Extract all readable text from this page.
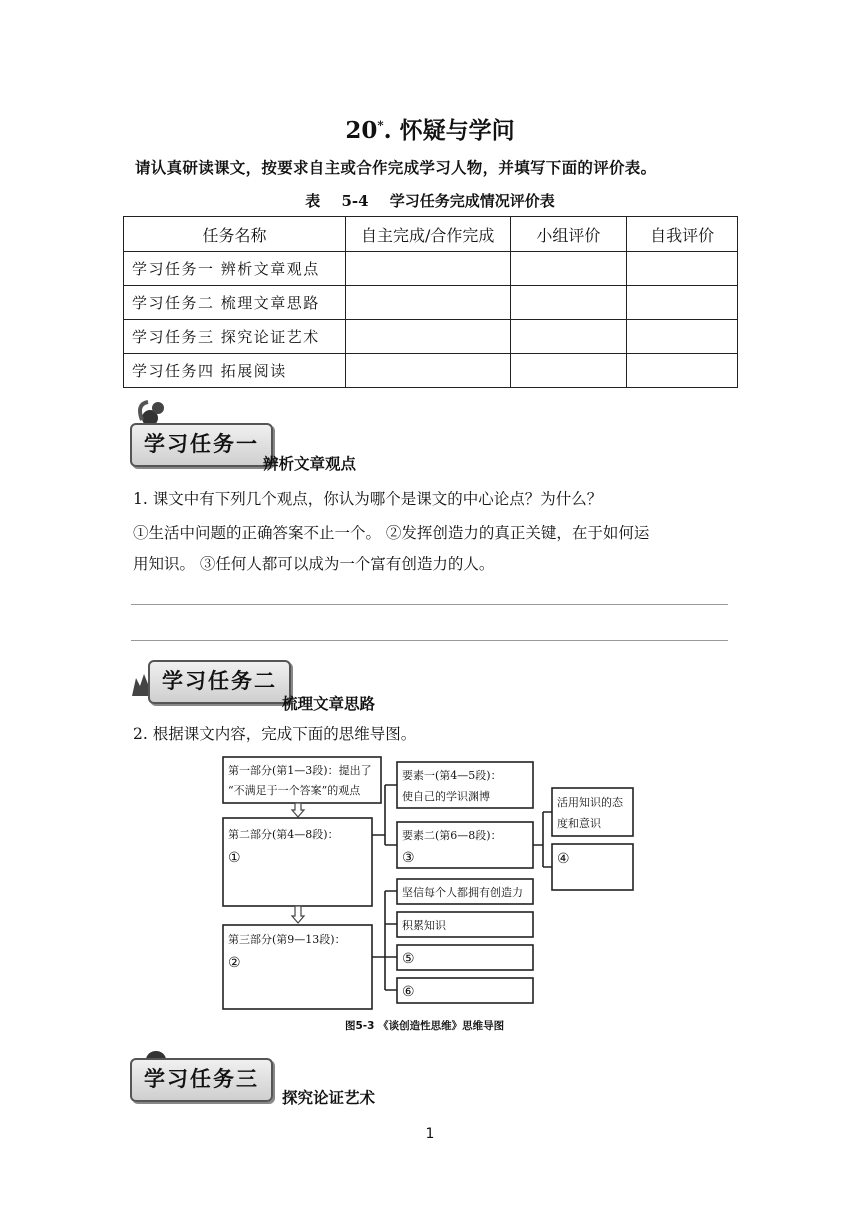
20*. 怀疑与学问
请认真研读课文，按要求自主或合作完成学习人物，并填写下面的评价表。
表 5-4 学习任务完成情况评价表
任务名称	自主完成/合作完成	小组评价	自我评价
学习任务一 辨析文章观点			
学习任务二 梳理文章思路			
学习任务三 探究论证艺术			
学习任务四 拓展阅读			
学习任务一
辨析文章观点
1. 课文中有下列几个观点，你认为哪个是课文的中心论点？为什么？
①生活中问题的正确答案不止一个。 ②发挥创造力的真正关键，在于如何运
用知识。 ③任何人都可以成为一个富有创造力的人。
学习任务二
梳理文章思路
2. 根据课文内容，完成下面的思维导图。
第一部分(第1—3段)：提出了
“不满足于一个答案”的观点
第二部分(第4—8段)：
①
第三部分(第9—13段)：
②
要素一(第4—5段)：
使自己的学识渊博
要素二(第6—8段)：
③
活用知识的态
度和意识
④
坚信每个人都拥有创造力
积累知识
⑤
⑥
图5-3 《谈创造性思维》思维导图
学习任务三
探究论证艺术
1
